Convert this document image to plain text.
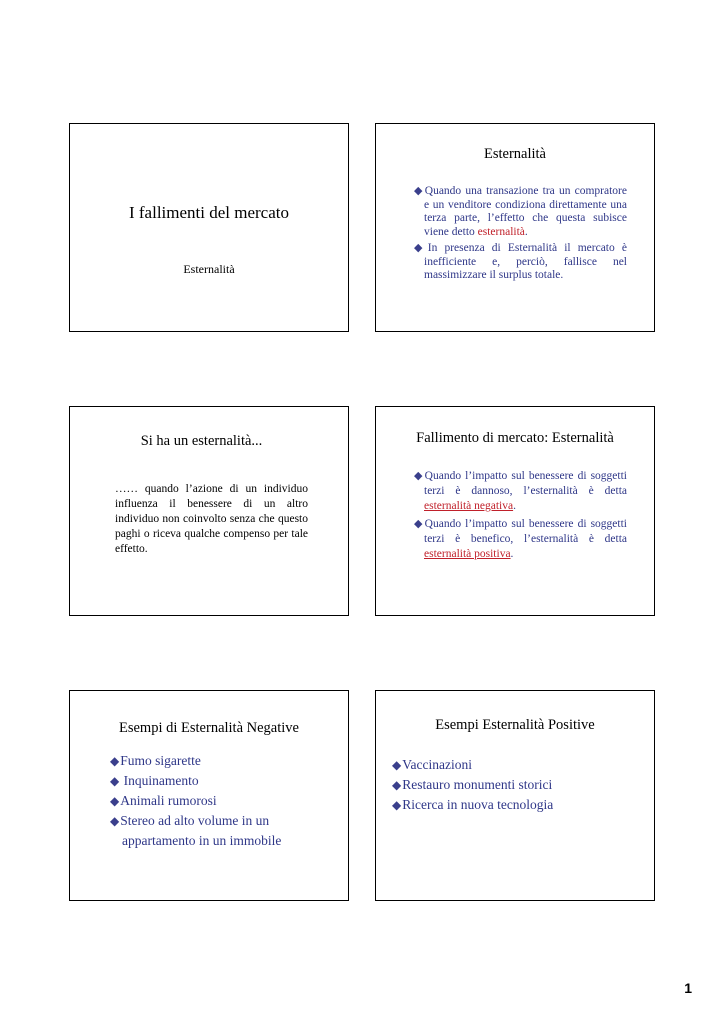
I fallimenti del mercato
Esternalità
Esternalità

◆Quando una transazione tra un compratore e un venditore condiziona direttamente una terza parte, l’effetto che questa subisce viene detto esternalità.

◆In presenza di Esternalità il mercato è inefficiente e, perciò, fallisce nel massimizzare il surplus totale.

Si ha un esternalità...
…… quando l’azione di un individuo influenza il benessere di un altro individuo non coinvolto senza che questo paghi o riceva qualche compenso per tale effetto.
Fallimento di mercato: Esternalità

◆Quando l’impatto sul benessere di soggetti terzi è dannoso, l’esternalità è detta esternalità negativa.

◆Quando l’impatto sul benessere di soggetti terzi è benefico, l’esternalità è detta esternalità positiva.

Esempi di Esternalità Negative
◆Fumo sigarette
◆ Inquinamento
◆Animali rumorosi
◆Stereo ad alto volume in un appartamento in un immobile
Esempi Esternalità Positive
◆Vaccinazioni
◆Restauro monumenti storici
◆Ricerca in nuova tecnologia
1
